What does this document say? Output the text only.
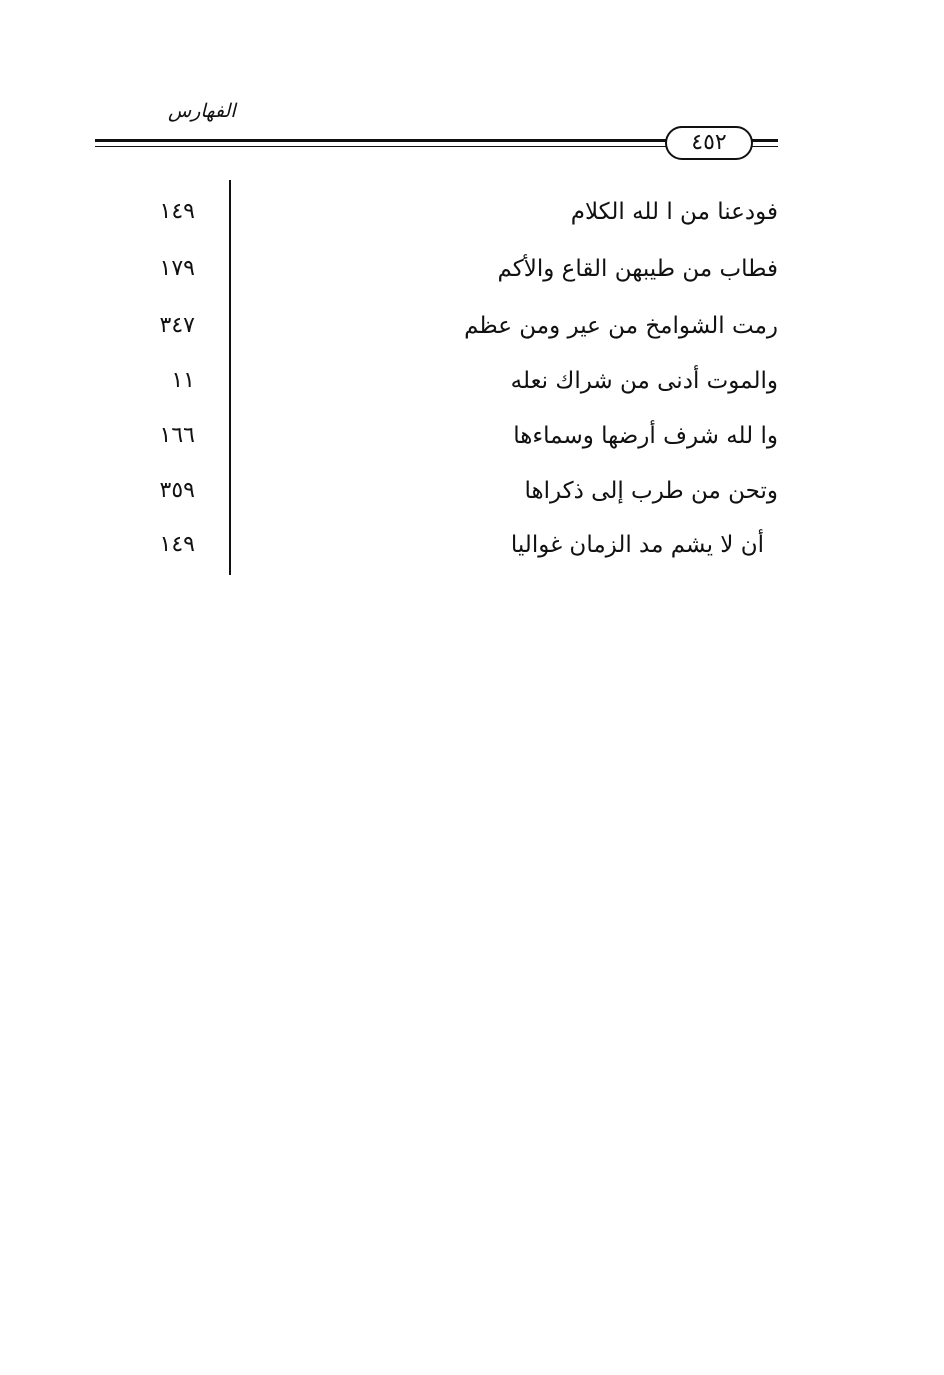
الفهارس
٤٥٢
فودعنا من ا لله الكلام
١٤٩
فطاب من طيبهن القاع والأكم
١٧٩
رمت الشوامخ من عير ومن عظم
٣٤٧
والموت أدنى من شراك نعله
١١
وا لله شرف أرضها وسماءها
١٦٦
وتحن من طرب إلى ذكراها
٣٥٩
أن لا يشم مد الزمان غواليا
١٤٩
